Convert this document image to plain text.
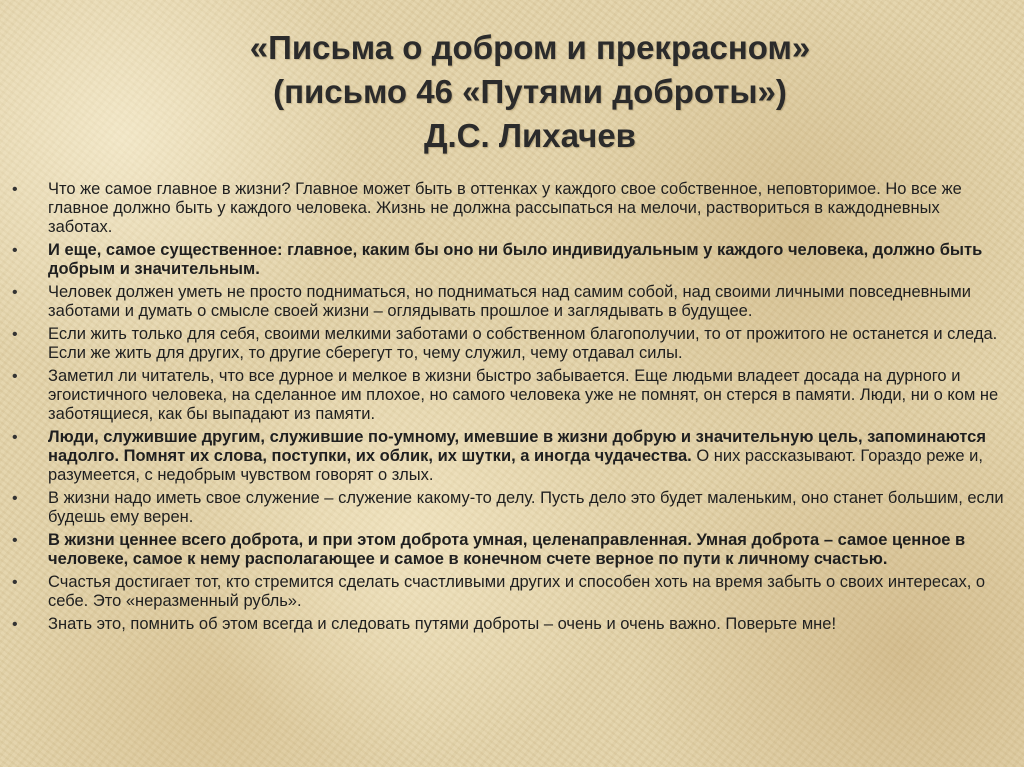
«Письма о добром и прекрасном»
(письмо 46 «Путями доброты»)
Д.С. Лихачев
• Что же самое главное в жизни? Главное может быть в оттенках у каждого свое собственное, неповторимое. Но все же главное должно быть у каждого человека. Жизнь не должна рассыпаться на мелочи, раствориться в каждодневных заботах.
• И еще, самое существенное: главное, каким бы оно ни было индивидуальным у каждого человека, должно быть добрым и значительным.
• Человек должен уметь не просто подниматься, но подниматься над самим собой, над своими личными повседневными заботами и думать о смысле своей жизни – оглядывать прошлое и заглядывать в будущее.
• Если жить только для себя, своими мелкими заботами о собственном благополучии, то от прожитого не останется и следа. Если же жить для других, то другие сберегут то, чему служил, чему отдавал силы.
• Заметил ли читатель, что все дурное и мелкое в жизни быстро забывается. Еще людьми владеет досада на дурного и эгоистичного человека, на сделанное им плохое, но самого человека уже не помнят, он стерся в памяти. Люди, ни о ком не заботящиеся, как бы выпадают из памяти.
• Люди, служившие другим, служившие по-умному, имевшие в жизни добрую и значительную цель, запоминаются надолго. Помнят их слова, поступки, их облик, их шутки, а иногда чудачества. О них рассказывают. Гораздо реже и, разумеется, с недобрым чувством говорят о злых.
• В жизни надо иметь свое служение – служение какому-то делу. Пусть дело это будет маленьким, оно станет большим, если будешь ему верен.
• В жизни ценнее всего доброта, и при этом доброта умная, целенаправленная. Умная доброта – самое ценное в человеке, самое к нему располагающее и самое в конечном счете верное по пути к личному счастью.
• Счастья достигает тот, кто стремится сделать счастливыми других и способен хоть на время забыть о своих интересах, о себе. Это «неразменный рубль».
• Знать это, помнить об этом всегда и следовать путями доброты – очень и очень важно. Поверьте мне!
